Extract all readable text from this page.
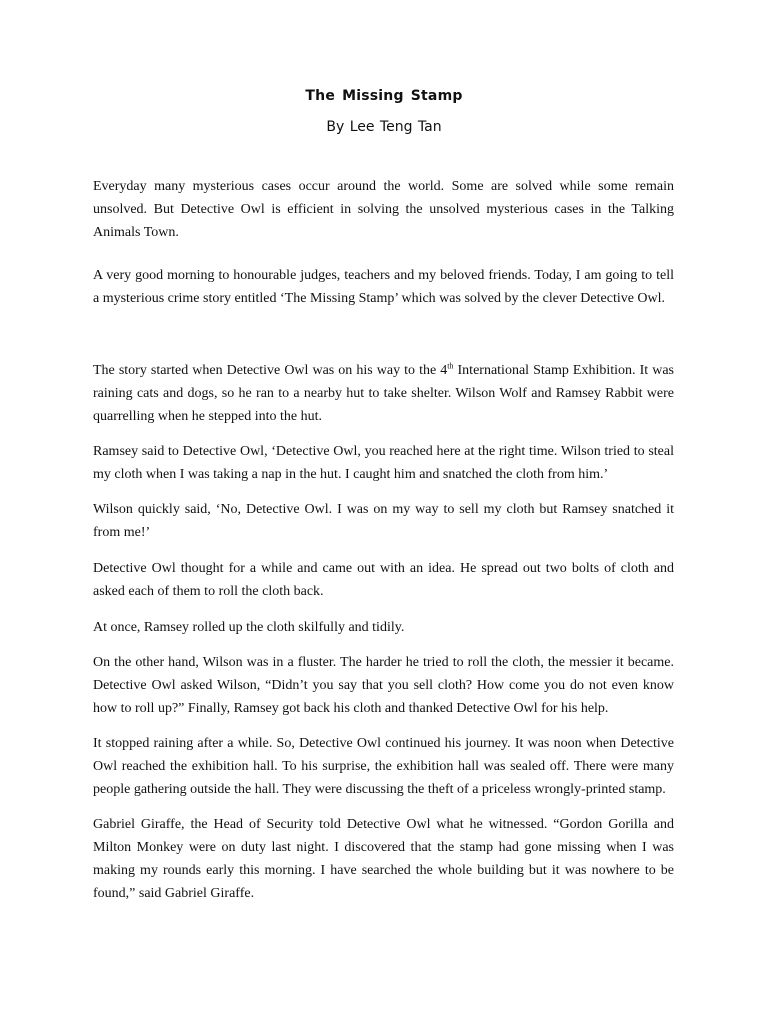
The Missing Stamp
By Lee Teng Tan

Everyday many mysterious cases occur around the world. Some are solved while some remain unsolved. But Detective Owl is efficient in solving the unsolved mysterious cases in the Talking Animals Town.

A very good morning to honourable judges, teachers and my beloved friends. Today, I am going to tell a mysterious crime story entitled ‘The Missing Stamp’ which was solved by the clever Detective Owl.

The story started when Detective Owl was on his way to the 4th International Stamp Exhibition. It was raining cats and dogs, so he ran to a nearby hut to take shelter. Wilson Wolf and Ramsey Rabbit were quarrelling when he stepped into the hut.

Ramsey said to Detective Owl, ‘Detective Owl, you reached here at the right time. Wilson tried to steal my cloth when I was taking a nap in the hut. I caught him and snatched the cloth from him.’

Wilson quickly said, ‘No, Detective Owl. I was on my way to sell my cloth but Ramsey snatched it from me!’

Detective Owl thought for a while and came out with an idea. He spread out two bolts of cloth and asked each of them to roll the cloth back.

At once, Ramsey rolled up the cloth skilfully and tidily.

On the other hand, Wilson was in a fluster. The harder he tried to roll the cloth, the messier it became. Detective Owl asked Wilson, “Didn’t you say that you sell cloth? How come you do not even know how to roll up?” Finally, Ramsey got back his cloth and thanked Detective Owl for his help.

It stopped raining after a while. So, Detective Owl continued his journey. It was noon when Detective Owl reached the exhibition hall. To his surprise, the exhibition hall was sealed off. There were many people gathering outside the hall. They were discussing the theft of a priceless wrongly-printed stamp.

Gabriel Giraffe, the Head of Security told Detective Owl what he witnessed. “Gordon Gorilla and Milton Monkey were on duty last night. I discovered that the stamp had gone missing when I was making my rounds early this morning. I have searched the whole building but it was nowhere to be found,” said Gabriel Giraffe.
